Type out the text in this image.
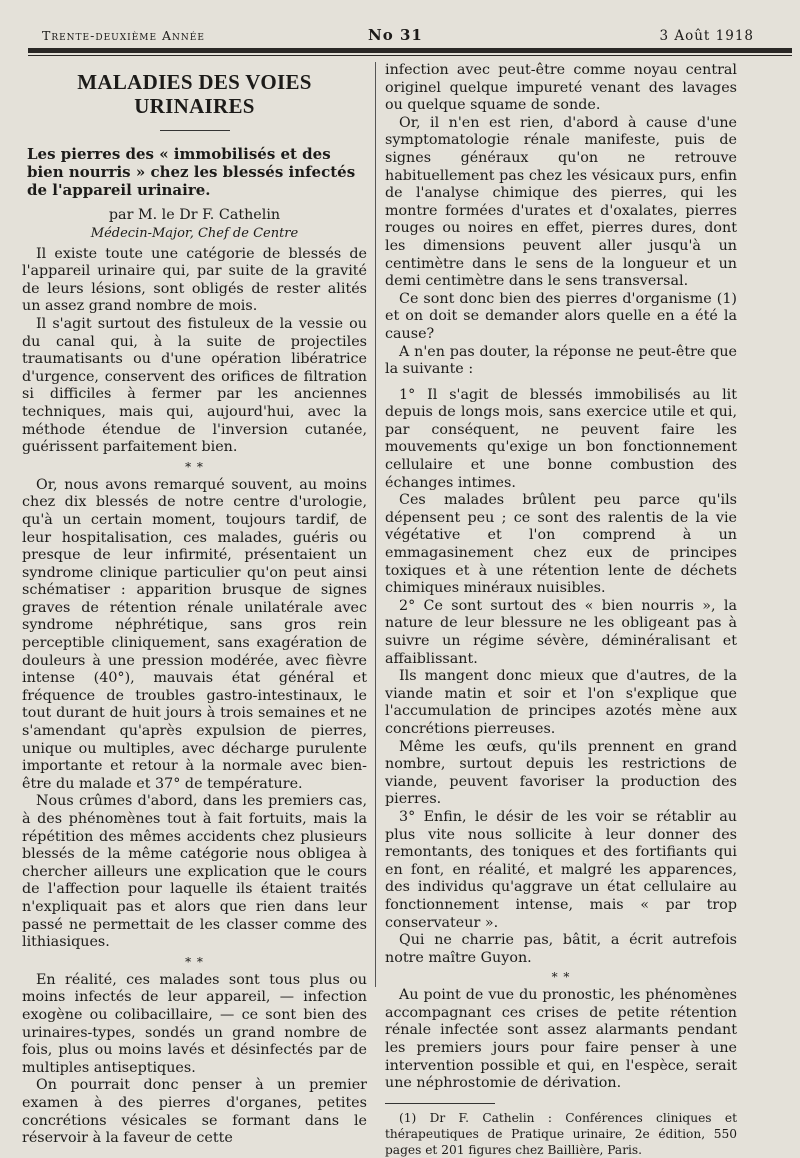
Trente-deuxième Année	No 31	3 Août 1918
MALADIES DES VOIES URINAIRES
Les pierres des « immobilisés et des bien nourris » chez les blessés infectés de l'appareil urinaire.
par M. le Dr F. Cathelin
Médecin-Major, Chef de Centre

Il existe toute une catégorie de blessés de l'appareil urinaire qui, par suite de la gravité de leurs lésions, sont obligés de rester alités un assez grand nombre de mois.

Il s'agit surtout des fistuleux de la vessie ou du canal qui, à la suite de projectiles traumatisants ou d'une opération libératrice d'urgence, conservent des orifices de filtration si difficiles à fermer par les anciennes techniques, mais qui, aujourd'hui, avec la méthode étendue de l'inversion cutanée, guérissent parfaitement bien.

* *

Or, nous avons remarqué souvent, au moins chez dix blessés de notre centre d'urologie, qu'à un certain moment, toujours tardif, de leur hospitalisation, ces malades, guéris ou presque de leur infirmité, présentaient un syndrome clinique particulier qu'on peut ainsi schématiser : apparition brusque de signes graves de rétention rénale unilatérale avec syndrome néphrétique, sans gros rein perceptible cliniquement, sans exagération de douleurs à une pression modérée, avec fièvre intense (40°), mauvais état général et fréquence de troubles gastro-intestinaux, le tout durant de huit jours à trois semaines et ne s'amendant qu'après expulsion de pierres, unique ou multiples, avec décharge purulente importante et retour à la normale avec bien-être du malade et 37° de température.

Nous crûmes d'abord, dans les premiers cas, à des phénomènes tout à fait fortuits, mais la répétition des mêmes accidents chez plusieurs blessés de la même catégorie nous obligea à chercher ailleurs une explication que le cours de l'affection pour laquelle ils étaient traités n'expliquait pas et alors que rien dans leur passé ne permettait de les classer comme des lithiasiques.

* *

En réalité, ces malades sont tous plus ou moins infectés de leur appareil, — infection exogène ou colibacillaire, — ce sont bien des urinaires-types, sondés un grand nombre de fois, plus ou moins lavés et désinfectés par de multiples antiseptiques.

On pourrait donc penser à un premier examen à des pierres d'organes, petites concrétions vésicales se formant dans le réservoir à la faveur de cette

infection avec peut-être comme noyau central originel quelque impureté venant des lavages ou quelque squame de sonde.

Or, il n'en est rien, d'abord à cause d'une symptomatologie rénale manifeste, puis de signes généraux qu'on ne retrouve habituellement pas chez les vésicaux purs, enfin de l'analyse chimique des pierres, qui les montre formées d'urates et d'oxalates, pierres rouges ou noires en effet, pierres dures, dont les dimensions peuvent aller jusqu'à un centimètre dans le sens de la longueur et un demi centimètre dans le sens transversal.

Ce sont donc bien des pierres d'organisme (1) et on doit se demander alors quelle en a été la cause?

A n'en pas douter, la réponse ne peut-être que la suivante :

1° Il s'agit de blessés immobilisés au lit depuis de longs mois, sans exercice utile et qui, par conséquent, ne peuvent faire les mouvements qu'exige un bon fonctionnement cellulaire et une bonne combustion des échanges intimes.

Ces malades brûlent peu parce qu'ils dépensent peu ; ce sont des ralentis de la vie végétative et l'on comprend à un emmagasinement chez eux de principes toxiques et à une rétention lente de déchets chimiques minéraux nuisibles.

2° Ce sont surtout des « bien nourris », la nature de leur blessure ne les obligeant pas à suivre un régime sévère, déminéralisant et affaiblissant.

Ils mangent donc mieux que d'autres, de la viande matin et soir et l'on s'explique que l'accumulation de principes azotés mène aux concrétions pierreuses.

Même les œufs, qu'ils prennent en grand nombre, surtout depuis les restrictions de viande, peuvent favoriser la production des pierres.

3° Enfin, le désir de les voir se rétablir au plus vite nous sollicite à leur donner des remontants, des toniques et des fortifiants qui en font, en réalité, et malgré les apparences, des individus qu'aggrave un état cellulaire au fonctionnement intense, mais « par trop conservateur ».

Qui ne charrie pas, bâtit, a écrit autrefois notre maître Guyon.

* *

Au point de vue du pronostic, les phénomènes accompagnant ces crises de petite rétention rénale infectée sont assez alarmants pendant les premiers jours pour faire penser à une intervention possible et qui, en l'espèce, serait une néphrostomie de dérivation.

(1) Dr F. Cathelin : Conférences cliniques et thérapeutiques de Pratique urinaire, 2e édition, 550 pages et 201 figures chez Baillière, Paris.
